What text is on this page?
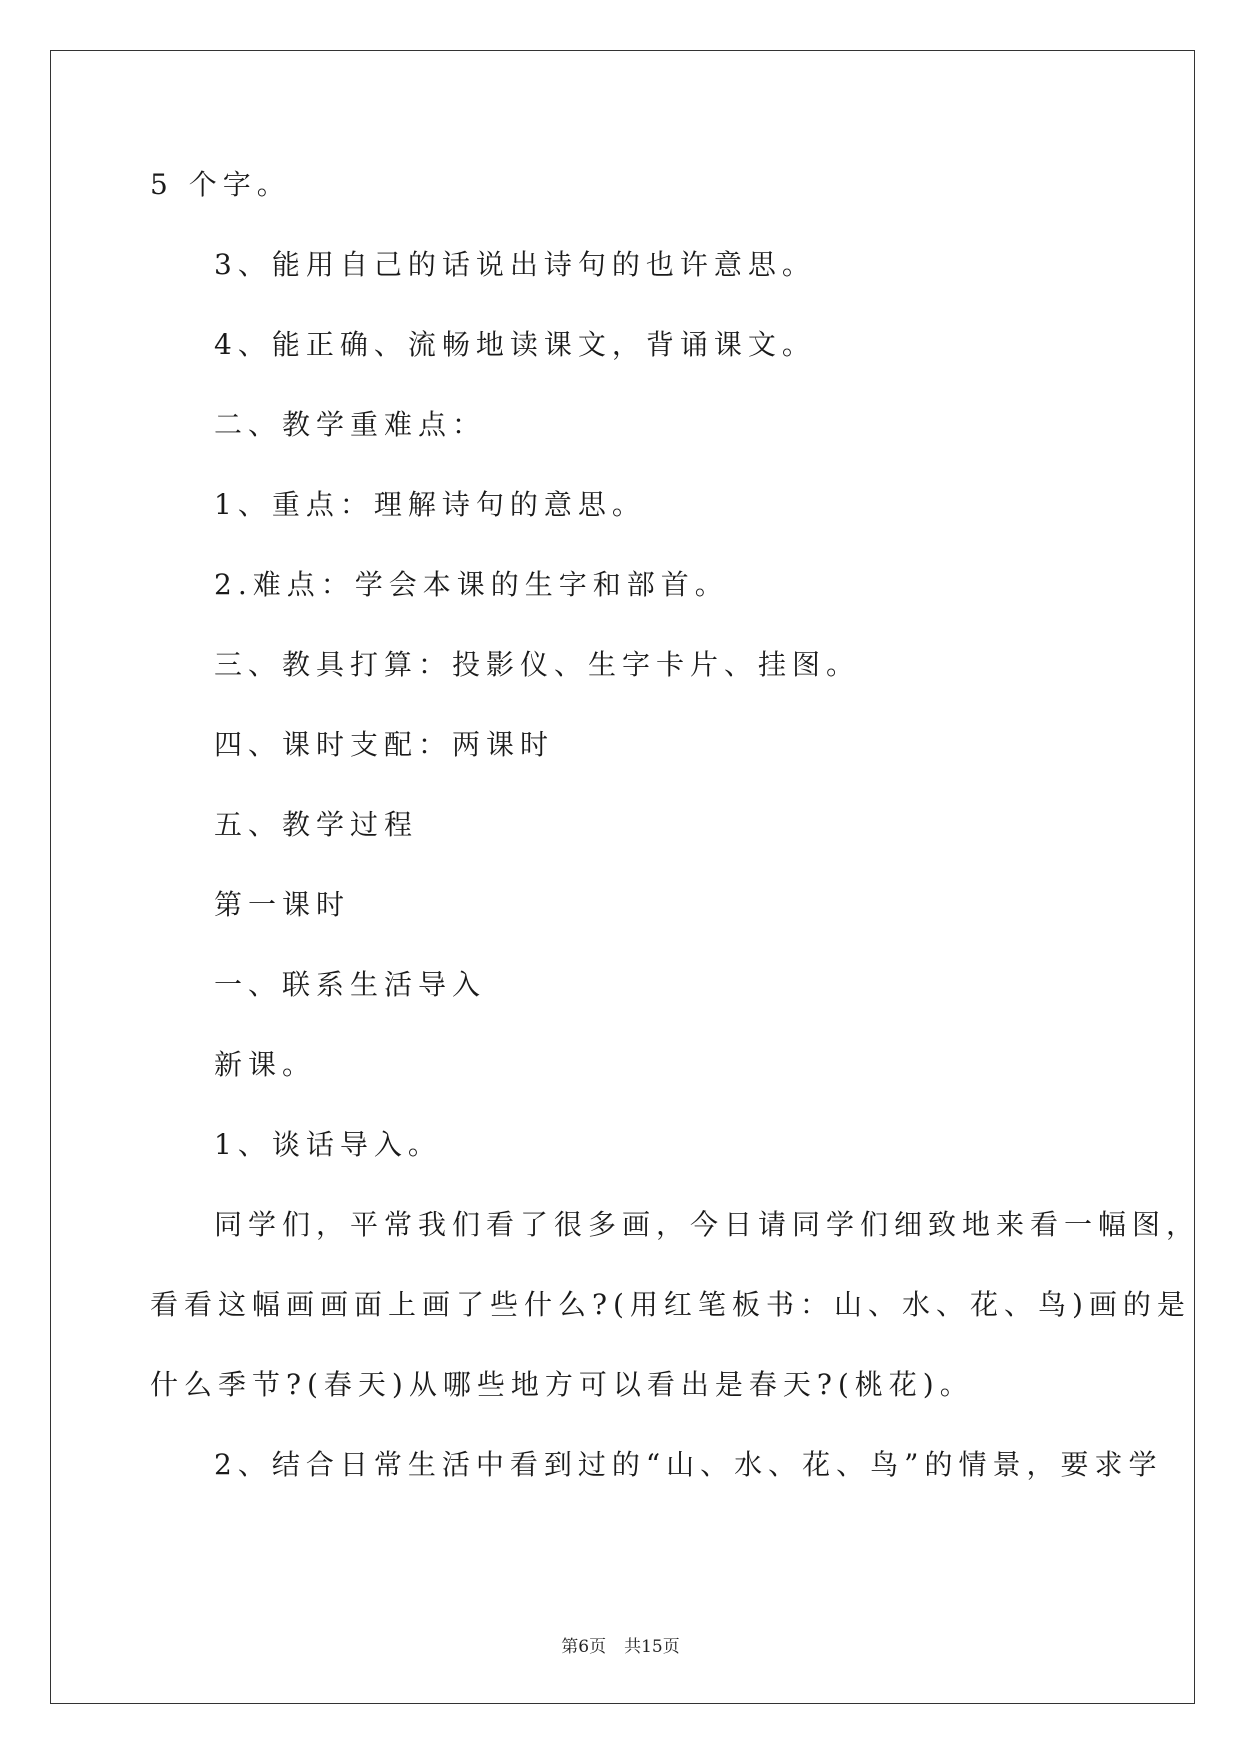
5 个字。
3、能用自己的话说出诗句的也许意思。
4、能正确、流畅地读课文，背诵课文。
二、教学重难点：
1、重点：理解诗句的意思。
2.难点：学会本课的生字和部首。
三、教具打算：投影仪、生字卡片、挂图。
四、课时支配：两课时
五、教学过程
第一课时
一、联系生活导入
新课。
1、谈话导入。
同学们，平常我们看了很多画，今日请同学们细致地来看一幅图，
看看这幅画画面上画了些什么?(用红笔板书：山、水、花、鸟)画的是
什么季节?(春天)从哪些地方可以看出是春天?(桃花)。
2、结合日常生活中看到过的“山、水、花、鸟”的情景，要求学
第6页 共15页
